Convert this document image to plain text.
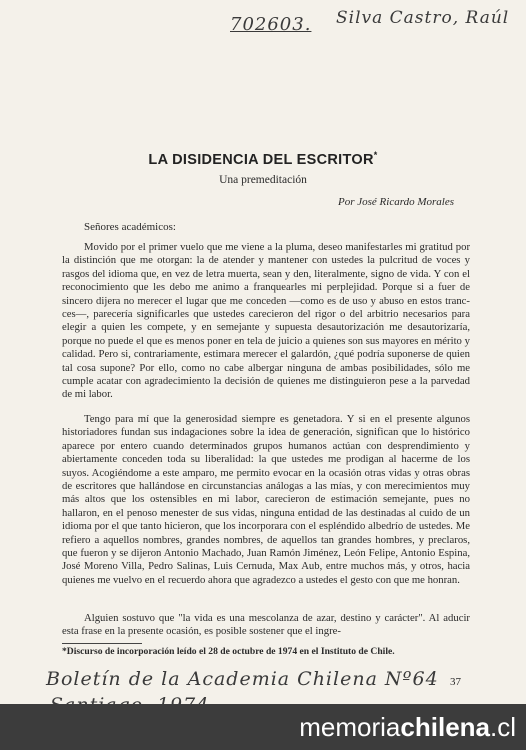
702603. Silva Castro, Raúl
LA DISIDENCIA DEL ESCRITOR*
Una premeditación
Por José Ricardo Morales
Señores académicos:

Movido por el primer vuelo que me viene a la pluma, deseo manifestarles mi gratitud por la distinción que me otorgan: la de atender y mantener con ustedes la pulcritud de voces y rasgos del idioma que, en vez de letra muerta, sean y den, literalmente, signo de vida. Y con el reconocimiento que les debo me animo a franquearles mi perplejidad. Porque si a fuer de sincero dijera no merecer el lugar que me conceden —como es de uso y abuso en estos tranc-ces—, parecería significarles que ustedes carecieron del rigor o del arbitrio necesarios para elegir a quien les compete, y en semejante y supuesta desautorización me desautorizaría, porque no puede el que es menos poner en tela de juicio a quienes son sus mayores en mérito y calidad. Pero si, contrariamente, estimara merecer el galardón, ¿qué podría suponerse de quien tal cosa supone? Por ello, como no cabe albergar ninguna de ambas posibilidades, sólo me cumple acatar con agradecimiento la decisión de quienes me distinguieron pese a la parvedad de mi labor.

Tengo para mí que la generosidad siempre es genetadora. Y si en el presente algunos historiadores fundan sus indagaciones sobre la idea de generación, significan que lo histórico aparece por entero cuando determinados grupos humanos actúan con desprendimiento y abiertamente conceden toda su liberalidad: la que ustedes me prodigan al hacerme de los suyos. Acogiéndome a este amparo, me permito evocar en la ocasión otras vidas y otras obras de escritores que hallándose en circunstancias análogas a las mías, y con merecimientos muy más altos que los ostensibles en mi labor, carecieron de estimación semejante, pues no hallaron, en el penoso menester de sus vidas, ninguna entidad de las destinadas al cuido de un idioma por el que tanto hicieron, que los incorporara con el espléndido albedrío de ustedes. Me refiero a aquellos nombres, grandes nombres, de aquellos tan grandes hombres, y preclaros, que fueron y se dijeron Antonio Machado, Juan Ramón Jiménez, León Felipe, Antonio Espina, José Moreno Villa, Pedro Salinas, Luis Cernuda, Max Aub, entre muchos más, y otros, hacia quienes me vuelvo en el recuerdo ahora que agradezco a ustedes el gesto con que me honran.

Alguien sostuvo que "la vida es una mescolanza de azar, destino y carácter". Al aducir esta frase en la presente ocasión, es posible sostener que el ingre-

*Discurso de incorporación leído el 28 de octubre de 1974 en el Instituto de Chile.
Boletín de la Academia Chilena Nº64 37
memoriachilena.cl
